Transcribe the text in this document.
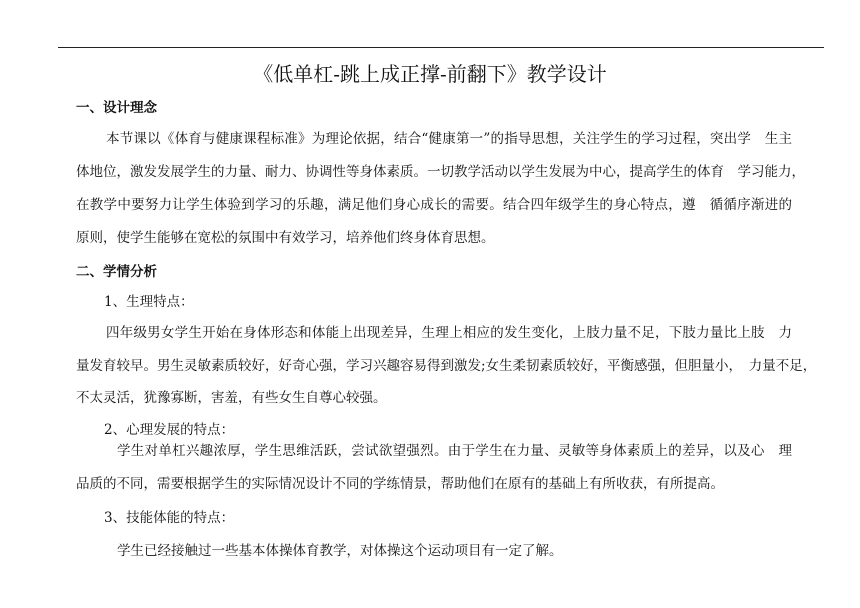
《低单杠-跳上成正撑-前翻下》教学设计
一、设计理念
本节课以《体育与健康课程标准》为理论依据，结合“健康第一”的指导思想，关注学生的学习过程，突出学　生主
体地位，激发发展学生的力量、耐力、协调性等身体素质。一切教学活动以学生发展为中心，提高学生的体育　学习能力，
在教学中要努力让学生体验到学习的乐趣，满足他们身心成长的需要。结合四年级学生的身心特点，遵　循循序渐进的
原则，使学生能够在宽松的氛围中有效学习，培养他们终身体育思想。
二、学情分析
1、生理特点：
四年级男女学生开始在身体形态和体能上出现差异，生理上相应的发生变化，上肢力量不足，下肢力量比上肢　力
量发育较早。男生灵敏素质较好，好奇心强，学习兴趣容易得到激发;女生柔韧素质较好，平衡感强，但胆量小，　力量不足，
不太灵活，犹豫寡断，害羞，有些女生自尊心较强。
2、心理发展的特点：
学生对单杠兴趣浓厚，学生思维活跃，尝试欲望强烈。由于学生在力量、灵敏等身体素质上的差异，以及心　理
品质的不同，需要根据学生的实际情况设计不同的学练情景，帮助他们在原有的基础上有所收获，有所提高。
3、技能体能的特点：
学生已经接触过一些基本体操体育教学，对体操这个运动项目有一定了解。
